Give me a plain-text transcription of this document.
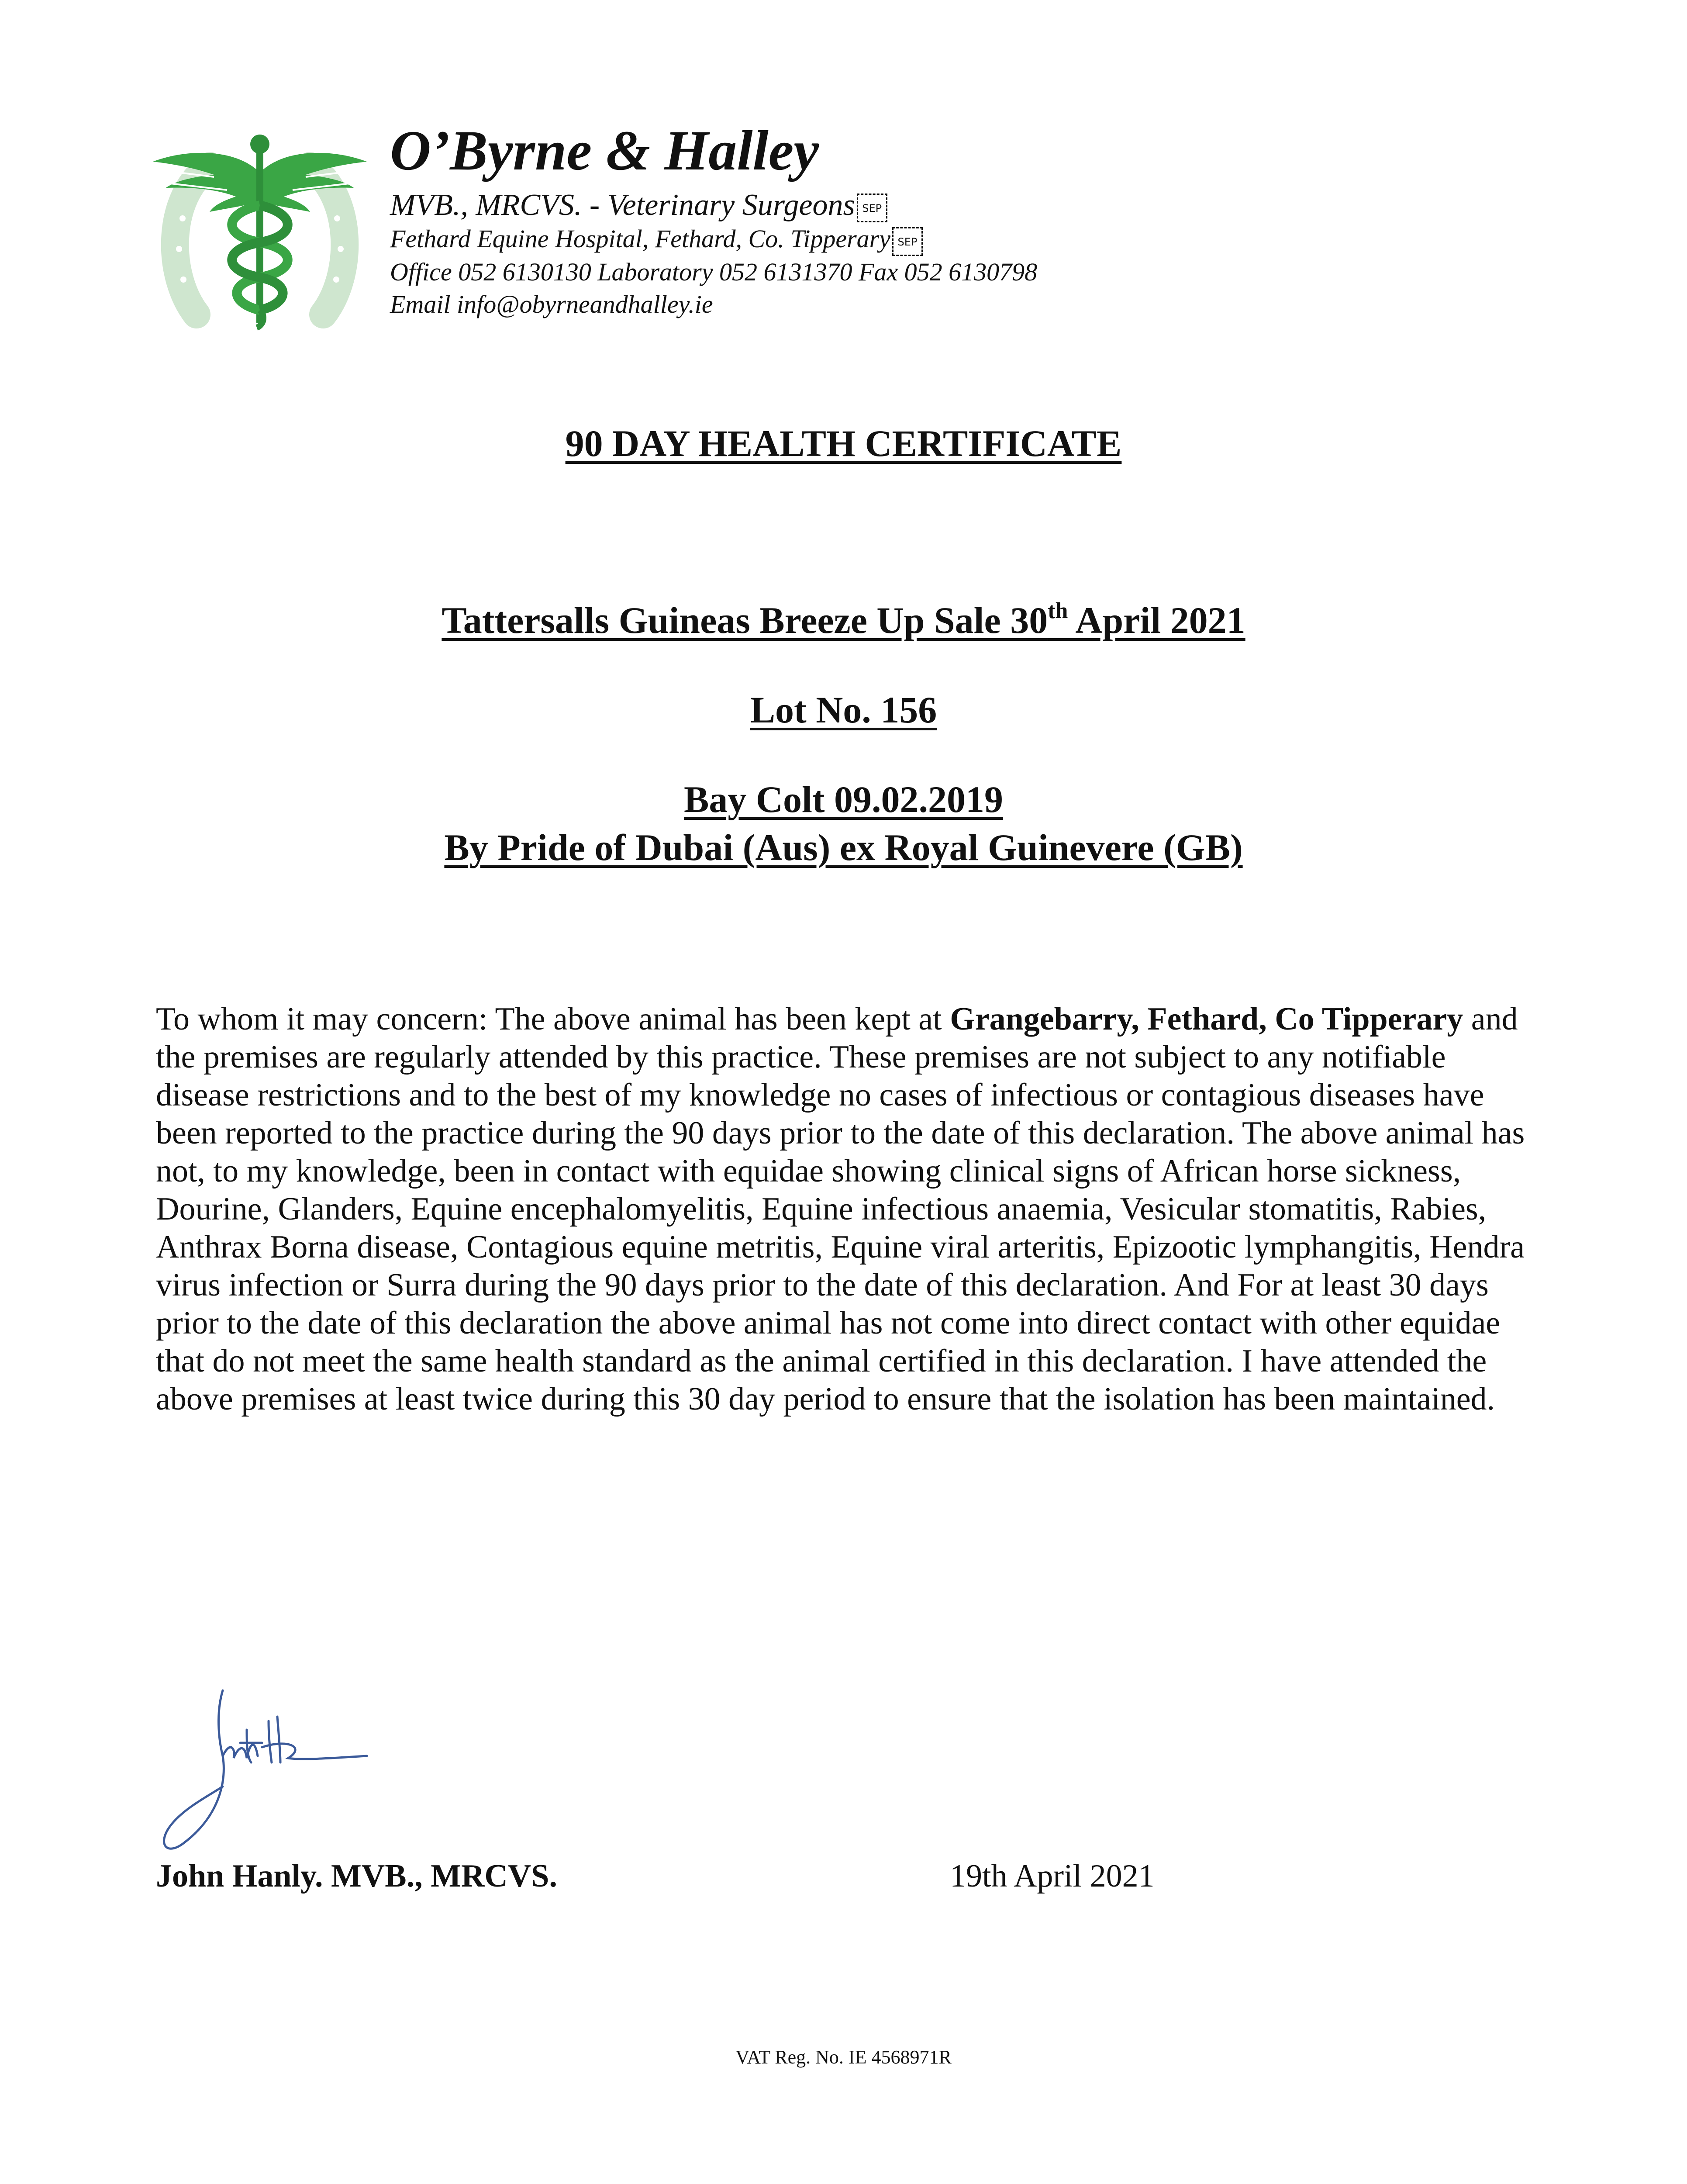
O’Byrne & Halley
MVB., MRCVS. - Veterinary Surgeons SEP
Fethard Equine Hospital, Fethard, Co. Tipperary SEP
Office 052 6130130 Laboratory 052 6131370 Fax 052 6130798
Email info@obyrneandhalley.ie
90 DAY HEALTH CERTIFICATE
Tattersalls Guineas Breeze Up Sale 30th April 2021
Lot No. 156
Bay Colt 09.02.2019
By Pride of Dubai (Aus) ex Royal Guinevere (GB)

To whom it may concern: The above animal has been kept at Grangebarry, Fethard, Co Tipperary and the premises are regularly attended by this practice. These premises are not subject to any notifiable disease restrictions and to the best of my knowledge no cases of infectious or contagious diseases have been reported to the practice during the 90 days prior to the date of this declaration. The above animal has not, to my knowledge, been in contact with equidae showing clinical signs of African horse sickness, Dourine, Glanders, Equine encephalomyelitis, Equine infectious anaemia, Vesicular stomatitis, Rabies, Anthrax Borna disease, Contagious equine metritis, Equine viral arteritis, Epizootic lymphangitis, Hendra virus infection or Surra during the 90 days prior to the date of this declaration. And For at least 30 days prior to the date of this declaration the above animal has not come into direct contact with other equidae that do not meet the same health standard as the animal certified in this declaration. I have attended the above premises at least twice during this 30 day period to ensure that the isolation has been maintained.

John Hanly. MVB., MRCVS.	19th April 2021
VAT Reg. No. IE 4568971R
